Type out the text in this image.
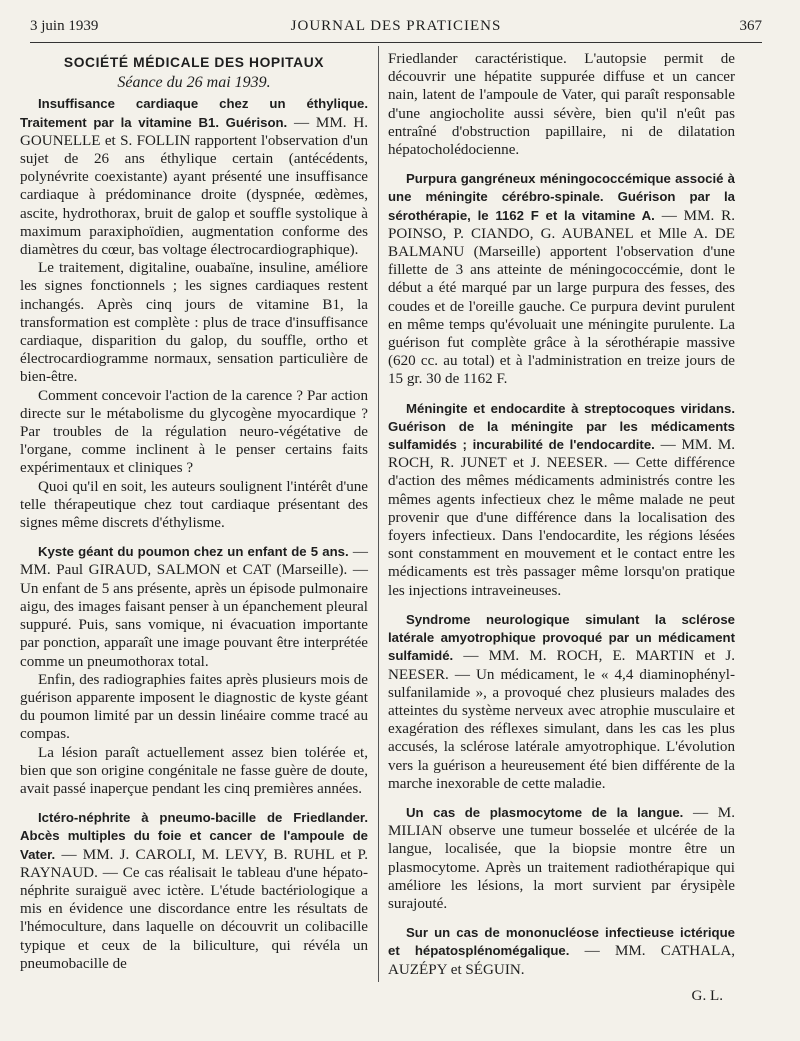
3 juin 1939	JOURNAL DES PRATICIENS	367
SOCIÉTÉ MÉDICALE DES HOPITAUX
Séance du 26 mai 1939.

Insuffisance cardiaque chez un éthylique. Traitement par la vitamine B1. Guérison. — MM. H. GOUNELLE et S. FOLLIN rapportent l'observation d'un sujet de 26 ans éthylique certain (antécédents, polynévrite coexistante) ayant présenté une insuffisance cardiaque à prédominance droite (dyspnée, œdèmes, ascite, hydrothorax, bruit de galop et souffle systolique à maximum paraxiphoïdien, augmentation conforme des diamètres du cœur, bas voltage électrocardiographique).

Le traitement, digitaline, ouabaïne, insuline, améliore les signes fonctionnels ; les signes cardiaques restent inchangés. Après cinq jours de vitamine B1, la transformation est complète : plus de trace d'insuffisance cardiaque, disparition du galop, du souffle, ortho et électrocardiogramme normaux, sensation particulière de bien-être.

Comment concevoir l'action de la carence ? Par action directe sur le métabolisme du glycogène myocardique ? Par troubles de la régulation neuro-végétative de l'organe, comme inclinent à le penser certains faits expérimentaux et cliniques ?

Quoi qu'il en soit, les auteurs soulignent l'intérêt d'une telle thérapeutique chez tout cardiaque présentant des signes même discrets d'éthylisme.

Kyste géant du poumon chez un enfant de 5 ans. — MM. Paul GIRAUD, SALMON et CAT (Marseille). — Un enfant de 5 ans présente, après un épisode pulmonaire aigu, des images faisant penser à un épanchement pleural suppuré. Puis, sans vomique, ni évacuation importante par ponction, apparaît une image pouvant être interprétée comme un pneumothorax total.

Enfin, des radiographies faites après plusieurs mois de guérison apparente imposent le diagnostic de kyste géant du poumon limité par un dessin linéaire comme tracé au compas.

La lésion paraît actuellement assez bien tolérée et, bien que son origine congénitale ne fasse guère de doute, avait passé inaperçue pendant les cinq premières années.

Ictéro-néphrite à pneumo-bacille de Friedlander. Abcès multiples du foie et cancer de l'ampoule de Vater. — MM. J. CAROLI, M. LEVY, B. RUHL et P. RAYNAUD. — Ce cas réalisait le tableau d'une hépato-néphrite suraiguë avec ictère. L'étude bactériologique a mis en évidence une discordance entre les résultats de l'hémoculture, dans laquelle on découvrit un colibacille typique et ceux de la biliculture, qui révéla un pneumobacille de

Friedlander caractéristique. L'autopsie permit de découvrir une hépatite suppurée diffuse et un cancer nain, latent de l'ampoule de Vater, qui paraît responsable d'une angiocholite aussi sévère, bien qu'il n'eût pas entraîné d'obstruction papillaire, ni de dilatation hépatocholédocienne.

Purpura gangréneux méningococcémique associé à une méningite cérébro-spinale. Guérison par la sérothérapie, le 1162 F et la vitamine A. — MM. R. POINSO, P. CIANDO, G. AUBANEL et Mlle A. DE BALMANU (Marseille) apportent l'observation d'une fillette de 3 ans atteinte de méningococcémie, dont le début a été marqué par un large purpura des fesses, des coudes et de l'oreille gauche. Ce purpura devint purulent en même temps qu'évoluait une méningite purulente. La guérison fut complète grâce à la sérothérapie massive (620 cc. au total) et à l'administration en treize jours de 15 gr. 30 de 1162 F.

Méningite et endocardite à streptocoques viridans. Guérison de la méningite par les médicaments sulfamidés ; incurabilité de l'endocardite. — MM. M. ROCH, R. JUNET et J. NEESER. — Cette différence d'action des mêmes médicaments administrés contre les mêmes agents infectieux chez le même malade ne peut provenir que d'une différence dans la localisation des foyers infectieux. Dans l'endocardite, les régions lésées sont constamment en mouvement et le contact entre les médicaments est très passager même lorsqu'on pratique les injections intraveineuses.

Syndrome neurologique simulant la sclérose latérale amyotrophique provoqué par un médicament sulfamidé. — MM. M. ROCH, E. MARTIN et J. NEESER. — Un médicament, le « 4,4 diaminophényl-sulfanilamide », a provoqué chez plusieurs malades des atteintes du système nerveux avec atrophie musculaire et exagération des réflexes simulant, dans les cas les plus accusés, la sclérose latérale amyotrophique. L'évolution vers la guérison a heureusement été bien différente de la marche inexorable de cette maladie.

Un cas de plasmocytome de la langue. — M. MILIAN observe une tumeur bosselée et ulcérée de la langue, localisée, que la biopsie montre être un plasmocytome. Après un traitement radiothérapique qui améliore les lésions, la mort survient par érysipèle surajouté.

Sur un cas de mononucléose infectieuse ictérique et hépatosplénomégalique. — MM. CATHALA, AUZÉPY et SÉGUIN.

G. L.
